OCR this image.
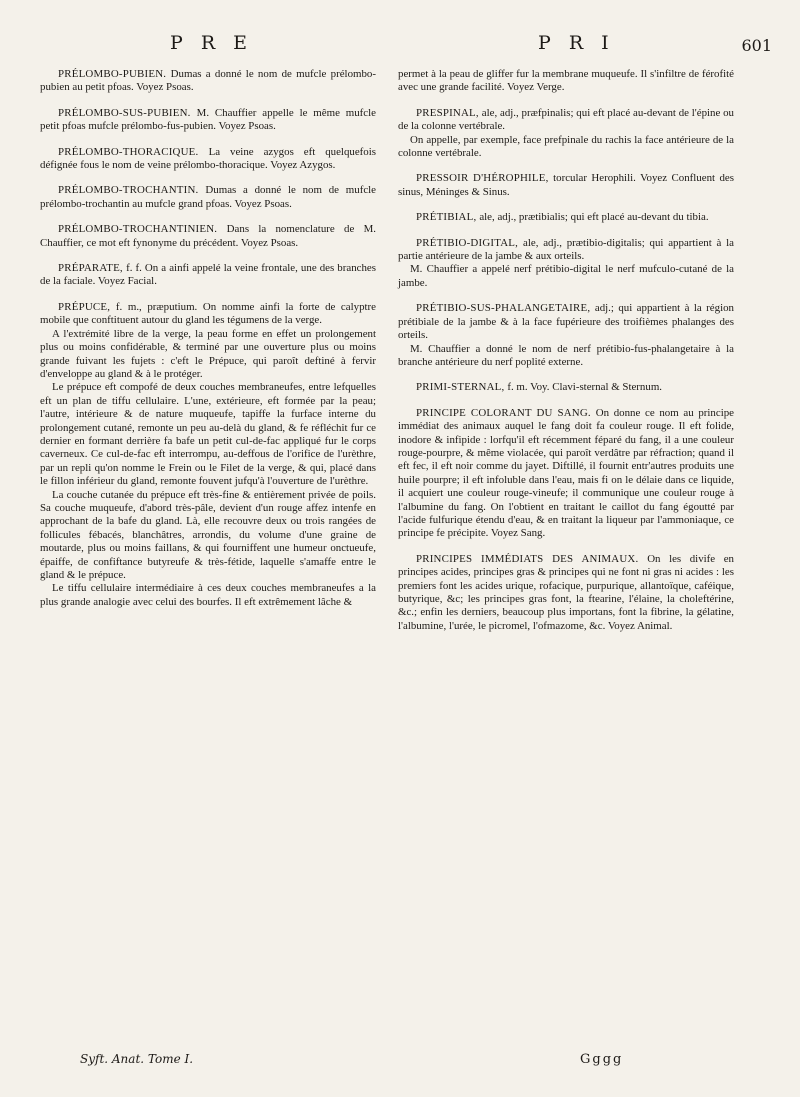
P R E	P R I	601
PRÉLOMBO-PUBIEN. Dumas a donné le nom de mufcle prélombo-pubien au petit pfoas. Voyez Psoas.
PRÉLOMBO-SUS-PUBIEN. M. Chauffier appelle le même mufcle petit pfoas mufcle prélombo-fus-pubien. Voyez Psoas.
PRÉLOMBO-THORACIQUE. La veine azygos eft quelquefois défignée fous le nom de veine prélombo-thoracique. Voyez Azygos.
PRÉLOMBO-TROCHANTIN. Dumas a donné le nom de mufcle prélombo-trochantin au mufcle grand pfoas. Voyez Psoas.
PRÉLOMBO-TROCHANTINIEN. Dans la nomenclature de M. Chauffier, ce mot eft fynonyme du précédent. Voyez Psoas.
PRÉPARATE, f. f. On a ainfi appelé la veine frontale, une des branches de la faciale. Voyez Facial.
PRÉPUCE, f. m., præputium. On nomme ainfi la forte de calyptre mobile que conftituent autour du gland les tégumens de la verge.
A l'extrémité libre de la verge, la peau forme en effet un prolongement plus ou moins confidérable, & terminé par une ouverture plus ou moins grande fuivant les fujets : c'eft le Prépuce, qui paroît deftiné à fervir d'enveloppe au gland & à le protéger.
Le prépuce eft compofé de deux couches membraneufes, entre lefquelles eft un plan de tiffu cellulaire. L'une, extérieure, eft formée par la peau; l'autre, intérieure & de nature muqueufe, tapiffe la furface interne du prolongement cutané, remonte un peu au-delà du gland, & fe réfléchit fur ce dernier en formant derrière fa bafe un petit cul-de-fac appliqué fur le corps caverneux. Ce cul-de-fac eft interrompu, au-deffous de l'orifice de l'urèthre, par un repli qu'on nomme le Frein ou le Filet de la verge, & qui, placé dans le fillon inférieur du gland, remonte fouvent jufqu'à l'ouverture de l'urèthre.
La couche cutanée du prépuce eft très-fine & entièrement privée de poils. Sa couche muqueufe, d'abord très-pâle, devient d'un rouge affez intenfe en approchant de la bafe du gland. Là, elle recouvre deux ou trois rangées de follicules fébacés, blanchâtres, arrondis, du volume d'une graine de moutarde, plus ou moins faillans, & qui fourniffent une humeur onctueufe, épaiffe, de confiftance butyreufe & très-fétide, laquelle s'amaffe entre le gland & le prépuce.
Le tiffu cellulaire intermédiaire à ces deux couches membraneufes a la plus grande analogie avec celui des bourfes. Il eft extrêmement lâche &
permet à la peau de gliffer fur la membrane muqueufe. Il s'infiltre de férofité avec une grande facilité. Voyez Verge.
PRESPINAL, ale, adj., præfpinalis; qui eft placé au-devant de l'épine ou de la colonne vertébrale.
On appelle, par exemple, face prefpinale du rachis la face antérieure de la colonne vertébrale.
PRESSOIR D'HÉROPHILE, torcular Herophili. Voyez Confluent des sinus, Méninges & Sinus.
PRÉTIBIAL, ale, adj., prætibialis; qui eft placé au-devant du tibia.
PRÉTIBIO-DIGITAL, ale, adj., prætibio-digitalis; qui appartient à la partie antérieure de la jambe & aux orteils.
M. Chauffier a appelé nerf prétibio-digital le nerf mufculo-cutané de la jambe.
PRÉTIBIO-SUS-PHALANGETAIRE, adj.; qui appartient à la région prétibiale de la jambe & à la face fupérieure des troifièmes phalanges des orteils.
M. Chauffier a donné le nom de nerf prétibio-fus-phalangetaire à la branche antérieure du nerf poplité externe.
PRIMI-STERNAL, f. m. Voy. Clavi-sternal & Sternum.
PRINCIPE COLORANT DU SANG. On donne ce nom au principe immédiat des animaux auquel le fang doit fa couleur rouge. Il eft folide, inodore & infipide : lorfqu'il eft récemment féparé du fang, il a une couleur rouge-pourpre, & même violacée, qui paroît verdâtre par réfraction; quand il eft fec, il eft noir comme du jayet. Diftillé, il fournit entr'autres produits une huile pourpre; il eft infoluble dans l'eau, mais fi on le délaie dans ce liquide, il acquiert une couleur rouge-vineufe; il communique une couleur rouge à l'albumine du fang. On l'obtient en traitant le caillot du fang égoutté par l'acide fulfurique étendu d'eau, & en traitant la liqueur par l'ammoniaque, ce principe fe précipite. Voyez Sang.
PRINCIPES IMMÉDIATS DES ANIMAUX. On les divife en principes acides, principes gras & principes qui ne font ni gras ni acides : les premiers font les acides urique, rofacique, purpurique, allantoïque, caféique, butyrique, &c; les principes gras font, la ftearine, l'élaine, la choleftérine, &c.; enfin les derniers, beaucoup plus importans, font la fibrine, la gélatine, l'albumine, l'urée, le picromel, l'ofmazome, &c. Voyez Animal.
Syft. Anat. Tome I.	Gggg
